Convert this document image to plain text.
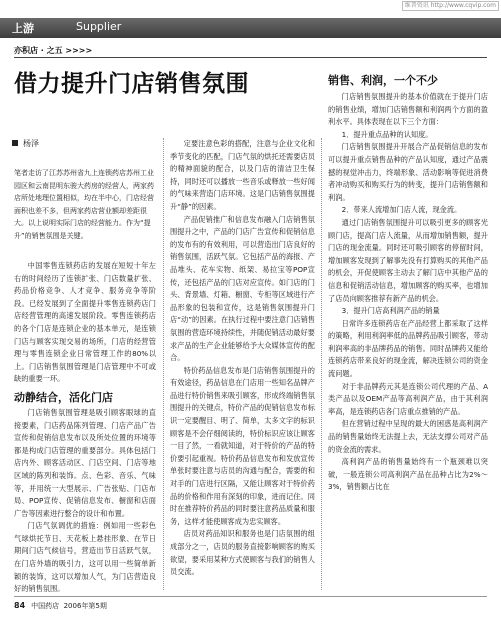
维普资讯 http://www.cqvip.com
上游	Supplier
亦积店 · 之五 >>>>
借力提升门店销售氛围
杨泽
笔者走访了江苏苏州省九上连锁药店苏州工业园区和云南昆明东骏大药房的经营人，两家药店所处地理位置相似，均在半中心，门店经营面积也差不多，但两家药店营业额却差距很大。以上说明实际门店的经营能力。作为“提升”的销售氛围是关键。

中国零售连锁药店的发展在短短十年左右的时间经历了连锁扩张、门店数量扩张、药品价格竞争、人才竞争、服务竞争等阶段。已经发展到了全面提升零售连锁药店门店经营管理的高速发展阶段。零售连锁药店的各个门店是连锁企业的基本单元，是连锁门店与顾客实现交易的场所，门店的经营管理与零售连锁企业日常管理工作的80%以上。门店销售氛围管理是门店管理中不可或缺的重要一环。

动静结合，活化门店

门店销售氛围管理是吸引顾客眼球的直接要素，门店药品陈列管理、门店产品广告宣传和促销信息发布以及所处位置的环境等都是构成门店管理的重要部分。具体包括门店内外、顾客活动区、门店空间、门店等地区域的陈列和装饰。点、色彩、音乐、气味等，并用统一大型展示、广告张贴、门店布局、POP宣传、促销信息发布、橱窗和店面广告等因素进行整合的设计和布置。

门店气氛调优的措施：例如用一些彩色气球烘托节日、天花板上悬挂形象、在节日期间门店气候信号，营造出节日活跃气氛，在门店外墙的吸引力，这可以用一些简单新颖的装饰，这可以增加人气，为门店营造良好的销售氛围。

定要注意色彩的搭配，注意与企业文化和季节变化的匹配，门店气氛的烘托还需要店员的精神面貌的配合，以及门店的清洁卫生保持，同时还可以播放一些音乐或释放一些好闻的气味来营造门店环境。这是门店销售氛围提升“静”的因素。

产品促销推广和信息发布融入门店销售氛围提升之中，产品的门店广告宣传和促销信息的发布有的有效利用，可以营造出门店良好的销售氛围，活跃气氛。它包括产品的海报、产品堆头、花车实物、纸架、易拉宝等POP宣传，还包括产品的门店对应宣传。如门店的门头、背景墙、灯箱、橱窗、专柜等区域进行产品形象的包装和宣传，这是销售氛围提升门店“动”的因素。在执行过程中要注意门店销售氛围的营造环境持续性，并随促销活动最好要求产品的生产企业能够给予大众媒体宣传的配合。

特价药品信息发布是门店销售氛围提升的有效途径，药品信息在门店用一些知名品牌产品进行特价销售来吸引顾客，形成终端销售氛围提升的关键点，特价产品的促销信息发布标识一定要醒目、明了、简单，太多文字的标识顾客是不会仔细阅读的，特价标识应该让顾客一目了然，一看就知道，对于特价的产品的特价要引起重视。特价药品信息发布和发放宣传单张时要注意与店员的沟通与配合，需要的和对手的门店进行区隔，又能让顾客对于特价药品的价格和作用有深刻的印象，进而记住。同时在推荐特价药品的同时要注意药品质量和服务，这样才能使顾客成为忠实顾客。

店员对药品知识和服务也是门店氛围的组成部分之一，店员的服务直接影响顾客的购买欲望，要采用某种方式使顾客与我们的销售人员交流。

销售、利润，一个不少

门店销售氛围提升的基本价值就在于提升门店的销售业绩，增加门店销售额和利润两个方面的盈利水平。具体表现在以下三个方面：

1．提升重点品种的认知度。

门店销售氛围提升开展合产品促销信息的发布可以提升重点销售品种的产品认知度，通过产品震撼的视觉冲击力，终端形象、活动影响等促进消费者冲动购买和购买行为的转变，提升门店销售额和利润。

2．带来人流增加门店人流，现金流。

通过门店销售氛围提升可以吸引更多的顾客光顾门店，提高门店人流量，从而增加销售额，提升门店的现金流量。同时还可吸引顾客的停留时间，增加顾客发现到了解事先没有打算购买的其他产品的机会，开促使顾客主动去了解门店中其他产品的信息和促销活动信息，增加顾客的购买率，也增加了店员向顾客推荐有新产品的机会。

3．提升门店高利润产品的销量

日常许多连锁药店在产品经营上都采取了这样的策略，利用利润率低的品牌药品吸引顾客，带动利润率高的非品牌药品的销售。同时品牌药又能给连锁药店带来良好的现金流，解决连锁公司的资金流问题。

对于非品牌药元其是连锁公司代理的产品、A类产品以及OEM产品等高利润产品，由于其利润率高，是连锁药店各门店重点推销的产品。

但在营销过程中呈现的最大的困惑是高利润产品的销售量始终无法提上去，无法支撑公司对产品的资金流的需求。

高利润产品的销售量始终有一个瓶颈难以突破，一般连锁公司高利润产品在品种占比为2%～3%，销售额占比在

84 中国药店 2006年第5期
